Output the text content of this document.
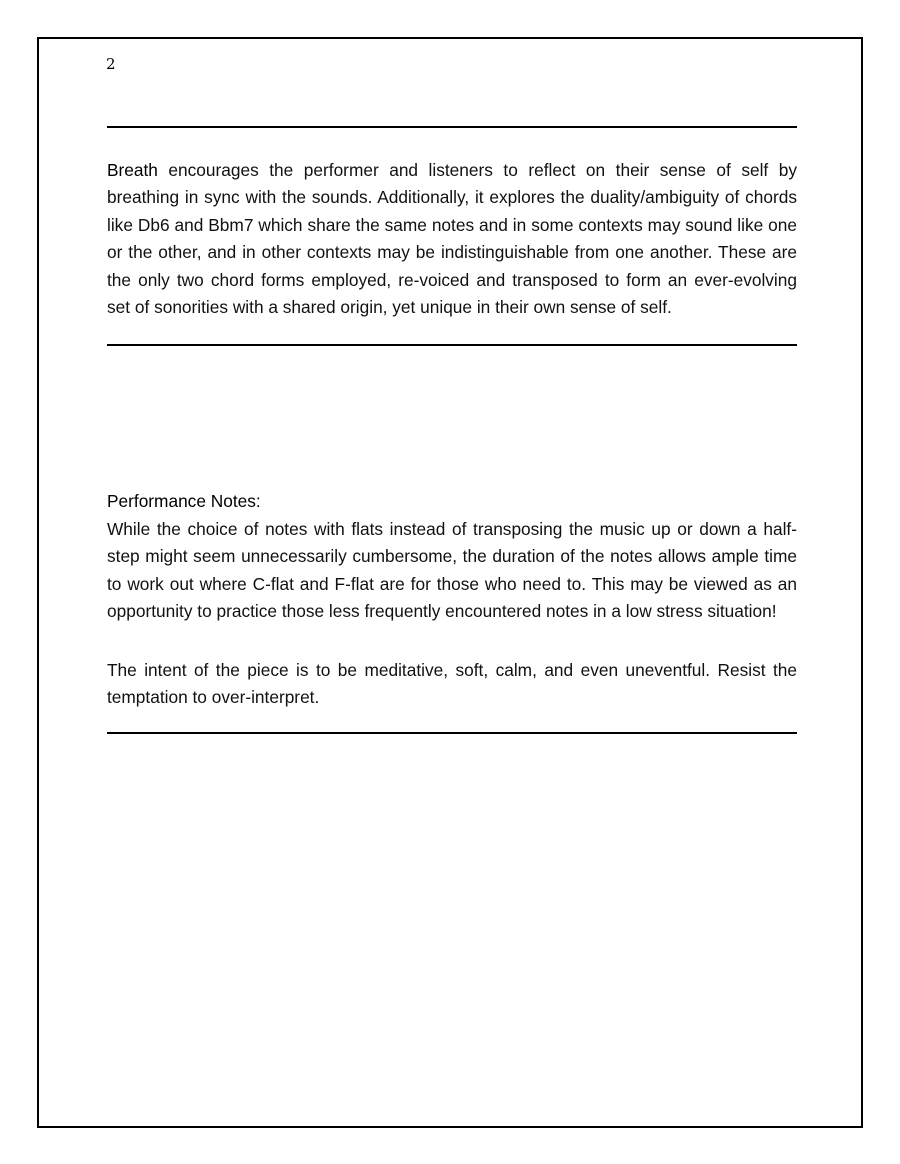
2

Breath encourages the performer and listeners to reflect on their sense of self by breathing in sync with the sounds. Additionally, it explores the duality/ambiguity of chords like Db6 and Bbm7 which share the same notes and in some contexts may sound like one or the other, and in other contexts may be indistinguishable from one another. These are the only two chord forms employed, re-voiced and transposed to form an ever-evolving set of sonorities with a shared origin, yet unique in their own sense of self.

Performance Notes:

While the choice of notes with flats instead of transposing the music up or down a half-step might seem unnecessarily cumbersome, the duration of the notes allows ample time to work out where C-flat and F-flat are for those who need to. This may be viewed as an opportunity to practice those less frequently encountered notes in a low stress situation!

The intent of the piece is to be meditative, soft, calm, and even uneventful. Resist the temptation to over-interpret.
